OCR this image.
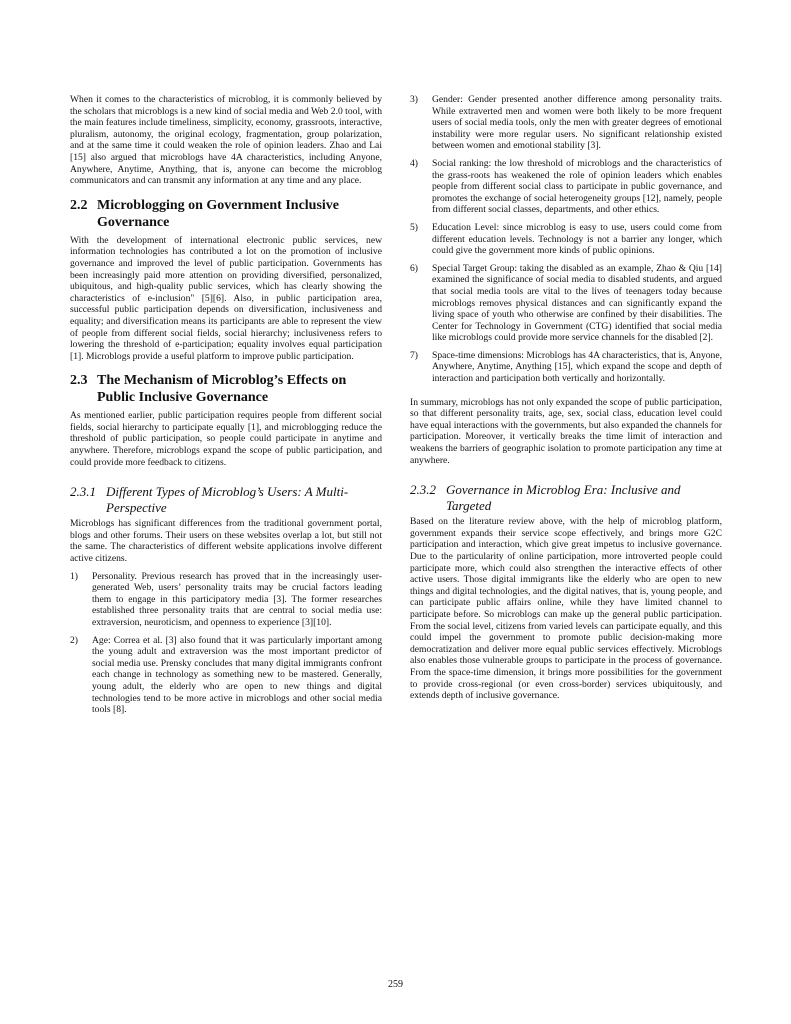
When it comes to the characteristics of microblog, it is commonly believed by the scholars that microblogs is a new kind of social media and Web 2.0 tool, with the main features include timeliness, simplicity, economy, grassroots, interactive, pluralism, autonomy, the original ecology, fragmentation, group polarization, and at the same time it could weaken the role of opinion leaders. Zhao and Lai [15] also argued that microblogs have 4A characteristics, including Anyone, Anywhere, Anytime, Anything, that is, anyone can become the microblog communicators and can transmit any information at any time and any place.

2.2 Microblogging on Government Inclusive Governance

With the development of international electronic public services, new information technologies has contributed a lot on the promotion of inclusive governance and improved the level of public participation. Governments has been increasingly paid more attention on providing diversified, personalized, ubiquitous, and high-quality public services, which has clearly showing the characteristics of e-inclusion" [5][6]. Also, in public participation area, successful public participation depends on diversification, inclusiveness and equality; and diversification means its participants are able to represent the view of people from different social fields, social hierarchy; inclusiveness refers to lowering the threshold of e-participation; equality involves equal participation [1]. Microblogs provide a useful platform to improve public participation.

2.3 The Mechanism of Microblog’s Effects on Public Inclusive Governance

As mentioned earlier, public participation requires people from different social fields, social hierarchy to participate equally [1], and microblogging reduce the threshold of public participation, so people could participate in anytime and anywhere. Therefore, microblogs expand the scope of public participation, and could provide more feedback to citizens.

2.3.1 Different Types of Microblog’s Users: A Multi-Perspective

Microblogs has significant differences from the traditional government portal, blogs and other forums. Their users on these websites overlap a lot, but still not the same. The characteristics of different website applications involve different active citizens.

1)	Personality. Previous research has proved that in the increasingly user-generated Web, users’ personality traits may be crucial factors leading them to engage in this participatory media [3]. The former researches established three personality traits that are central to social media use: extraversion, neuroticism, and openness to experience [3][10].
2)	Age: Correa et al. [3] also found that it was particularly important among the young adult and extraversion was the most important predictor of social media use. Prensky concludes that many digital immigrants confront each change in technology as something new to be mastered. Generally, young adult, the elderly who are open to new things and digital technologies tend to be more active in microblogs and other social media tools [8].
3)	Gender: Gender presented another difference among personality traits. While extraverted men and women were both likely to be more frequent users of social media tools, only the men with greater degrees of emotional instability were more regular users. No significant relationship existed between women and emotional stability [3].
4)	Social ranking: the low threshold of microblogs and the characteristics of the grass-roots has weakened the role of opinion leaders which enables people from different social class to participate in public governance, and promotes the exchange of social heterogeneity groups [12], namely, people from different social classes, departments, and other ethics.
5)	Education Level: since microblog is easy to use, users could come from different education levels. Technology is not a barrier any longer, which could give the government more kinds of public opinions.
6)	Special Target Group: taking the disabled as an example, Zhao & Qiu [14] examined the significance of social media to disabled students, and argued that social media tools are vital to the lives of teenagers today because microblogs removes physical distances and can significantly expand the living space of youth who otherwise are confined by their disabilities. The Center for Technology in Government (CTG) identified that social media like microblogs could provide more service channels for the disabled [2].
7)	Space-time dimensions: Microblogs has 4A characteristics, that is, Anyone, Anywhere, Anytime, Anything [15], which expand the scope and depth of interaction and participation both vertically and horizontally.

In summary, microblogs has not only expanded the scope of public participation, so that different personality traits, age, sex, social class, education level could have equal interactions with the governments, but also expanded the channels for participation. Moreover, it vertically breaks the time limit of interaction and weakens the barriers of geographic isolation to promote participation any time at anywhere.

2.3.2 Governance in Microblog Era: Inclusive and Targeted

Based on the literature review above, with the help of microblog platform, government expands their service scope effectively, and brings more G2C participation and interaction, which give great impetus to inclusive governance. Due to the particularity of online participation, more introverted people could participate more, which could also strengthen the interactive effects of other active users. Those digital immigrants like the elderly who are open to new things and digital technologies, and the digital natives, that is, young people, and can participate public affairs online, while they have limited channel to participate before. So microblogs can make up the general public participation. From the social level, citizens from varied levels can participate equally, and this could impel the government to promote public decision-making more democratization and deliver more equal public services effectively. Microblogs also enables those vulnerable groups to participate in the process of governance. From the space-time dimension, it brings more possibilities for the government to provide cross-regional (or even cross-border) services ubiquitously, and extends depth of inclusive governance.

259
